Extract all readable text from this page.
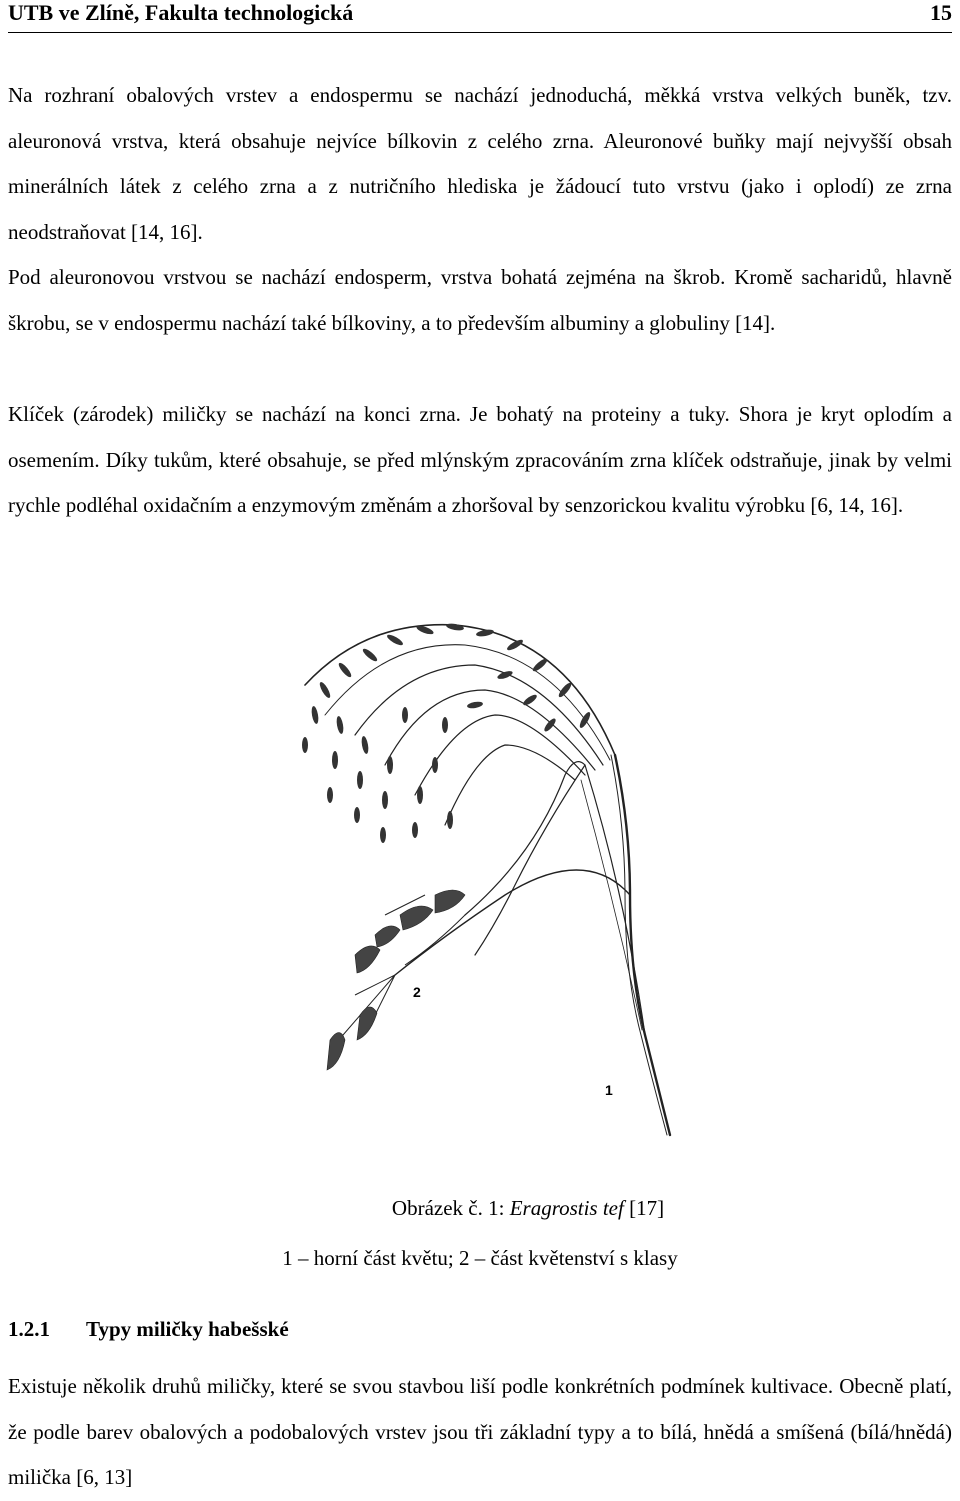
UTB ve Zlíně, Fakulta technologická	15

Na rozhraní obalových vrstev a endospermu se nachází jednoduchá, měkká vrstva velkých buněk, tzv. aleuronová vrstva, která obsahuje nejvíce bílkovin z celého zrna. Aleuronové buňky mají nejvyšší obsah minerálních látek z celého zrna a z nutričního hlediska je žádoucí tuto vrstvu (jako i oplodí) ze zrna neodstraňovat [14, 16].

Pod aleuronovou vrstvou se nachází endosperm, vrstva bohatá zejména na škrob. Kromě sacharidů, hlavně škrobu, se v endospermu nachází také bílkoviny, a to především albuminy a globuliny [14].

Klíček (zárodek) miličky se nachází na konci zrna. Je bohatý na proteiny a tuky. Shora je kryt oplodím a osemením. Díky tukům, které obsahuje, se před mlýnským zpracováním zrna klíček odstraňuje, jinak by velmi rychle podléhal oxidačním a enzymovým změnám a zhoršoval by senzorickou kvalitu výrobku [6, 14, 16].

2
1
Obrázek č. 1: Eragrostis tef [17]
1 – horní část květu; 2 – část květenství s klasy
1.2.1 Typy miličky habešské

Existuje několik druhů miličky, které se svou stavbou liší podle konkrétních podmínek kultivace. Obecně platí, že podle barev obalových a podobalových vrstev jsou tři základní typy a to bílá, hnědá a smíšená (bílá/hnědá) milička [6, 13]
